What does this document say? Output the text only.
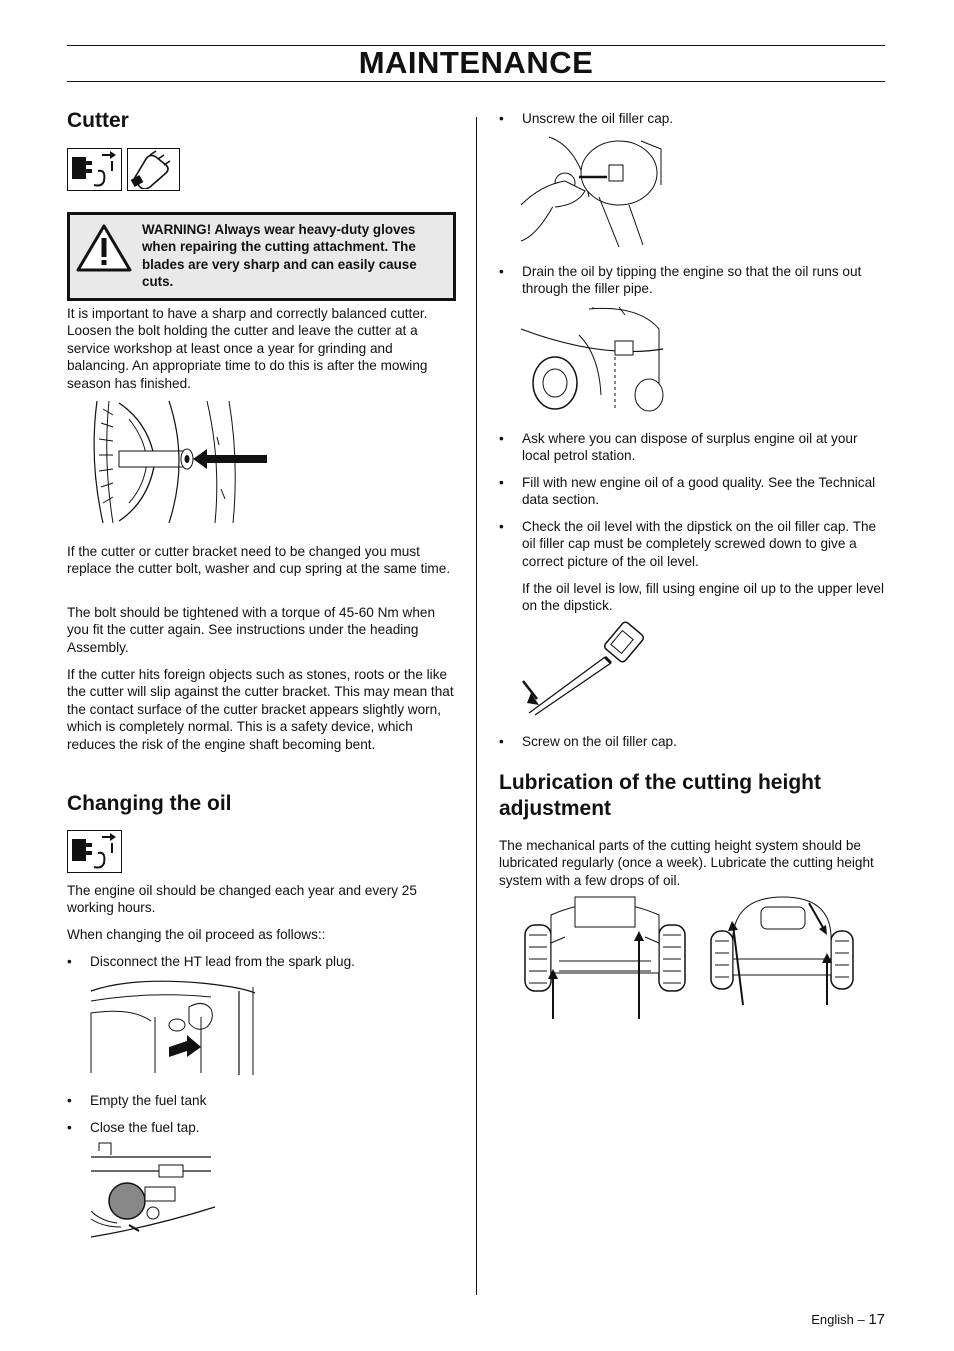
MAINTENANCE
Cutter
WARNING! Always wear heavy-duty gloves when repairing the cutting attachment. The blades are very sharp and can easily cause cuts.

It is important to have a sharp and correctly balanced cutter. Loosen the bolt holding the cutter and leave the cutter at a service workshop at least once a year for grinding and balancing. An appropriate time to do this is after the mowing season has finished.

If the cutter or cutter bracket need to be changed you must replace the cutter bolt, washer and cup spring at the same time.

The bolt should be tightened with a torque of 45-60 Nm when you fit the cutter again. See instructions under the heading Assembly.

If the cutter hits foreign objects such as stones, roots or the like the cutter will slip against the cutter bracket. This may mean that the contact surface of the cutter bracket appears slightly worn, which is completely normal. This is a safety device, which reduces the risk of the engine shaft becoming bent.

Changing the oil

The engine oil should be changed each year and every 25 working hours.

When changing the oil proceed as follows::

• Disconnect the HT lead from the spark plug.
• Empty the fuel tank
• Close the fuel tap.
• Unscrew the oil filler cap.
• Drain the oil by tipping the engine so that the oil runs out through the filler pipe.
• Ask where you can dispose of surplus engine oil at your local petrol station.
• Fill with new engine oil of a good quality. See the Technical data section.
• Check the oil level with the dipstick on the oil filler cap. The oil filler cap must be completely screwed down to give a correct picture of the oil level.

If the oil level is low, fill using engine oil up to the upper level on the dipstick.

• Screw on the oil filler cap.
Lubrication of the cutting height adjustment

The mechanical parts of the cutting height system should be lubricated regularly (once a week). Lubricate the cutting height system with a few drops of oil.

English – 17
